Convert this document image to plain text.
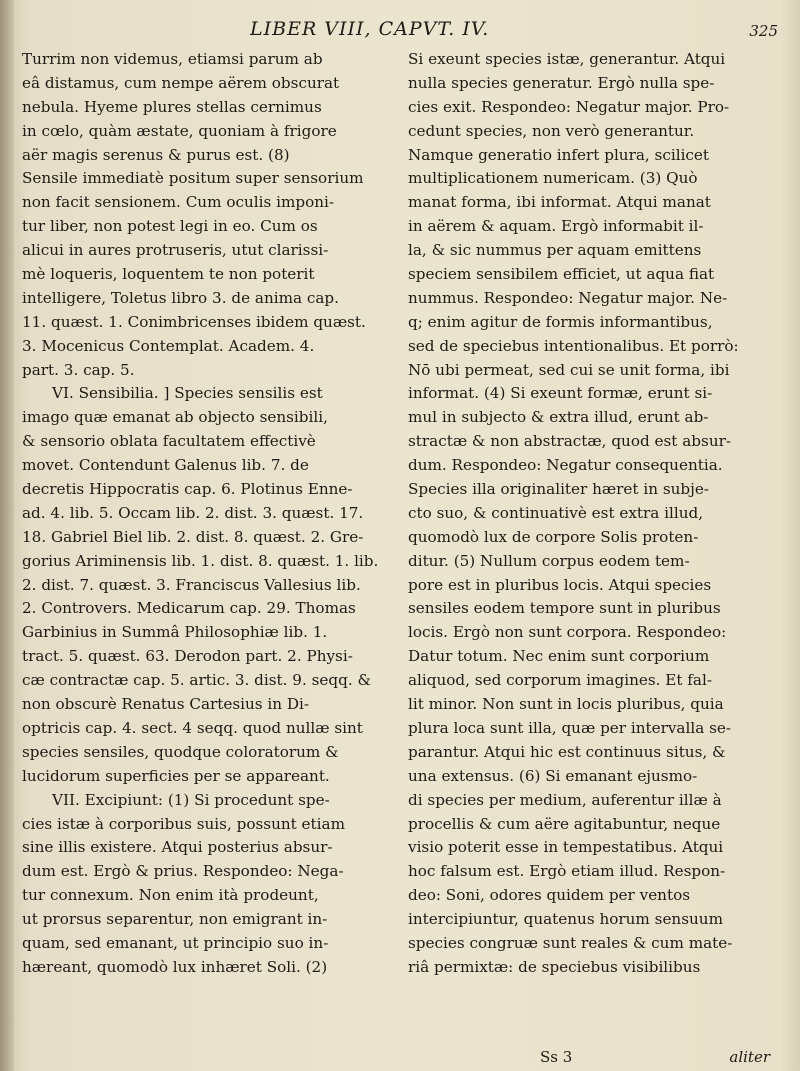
LIBER VIII, CAPVT. IV.	325
Turrim non videmus, etiamsi parum ab
eâ distamus, cum nempe aërem obscurat
nebula. Hyeme plures stellas cernimus
in cœlo, quàm æstate, quoniam à frigore
aër magis serenus & purus est. (8)
Sensile immediatè positum super sensorium
non facit sensionem. Cum oculis imponi-
tur liber, non potest legi in eo. Cum os
alicui in aures protruseris, utut clarissi-
mè loqueris, loquentem te non poterit
intelligere, Toletus libro 3. de anima cap.
11. quæst. 1. Conimbricenses ibidem quæst.
3. Mocenicus Contemplat. Academ. 4.
part. 3. cap. 5.
VI. Sensibilia. ] Species sensilis est
imago quæ emanat ab objecto sensibili,
& sensorio oblata facultatem effectivè
movet. Contendunt Galenus lib. 7. de
decretis Hippocratis cap. 6. Plotinus Enne-
ad. 4. lib. 5. Occam lib. 2. dist. 3. quæst. 17.
18. Gabriel Biel lib. 2. dist. 8. quæst. 2. Gre-
gorius Ariminensis lib. 1. dist. 8. quæst. 1. lib.
2. dist. 7. quæst. 3. Franciscus Vallesius lib.
2. Controvers. Medicarum cap. 29. Thomas
Garbinius in Summâ Philosophiæ lib. 1.
tract. 5. quæst. 63. Derodon part. 2. Physi-
cæ contractæ cap. 5. artic. 3. dist. 9. seqq. &
non obscurè Renatus Cartesius in Di-
optricis cap. 4. sect. 4 seqq. quod nullæ sint
species sensiles, quodque coloratorum &
lucidorum superficies per se appareant.
VII. Excipiunt: (1) Si procedunt spe-
cies istæ à corporibus suis, possunt etiam
sine illis existere. Atqui posterius absur-
dum est. Ergò & prius. Respondeo: Nega-
tur connexum. Non enim ità prodeunt,
ut prorsus separentur, non emigrant in-
quam, sed emanant, ut principio suo in-
hæreant, quomodò lux inhæret Soli. (2)
Si exeunt species istæ, generantur. Atqui
nulla species generatur. Ergò nulla spe-
cies exit. Respondeo: Negatur major. Pro-
cedunt species, non verò generantur.
Namque generatio infert plura, scilicet
multiplicationem numericam. (3) Quò
manat forma, ibi informat. Atqui manat
in aërem & aquam. Ergò informabit il-
la, & sic nummus per aquam emittens
speciem sensibilem efficiet, ut aqua fiat
nummus. Respondeo: Negatur major. Ne-
q; enim agitur de formis informantibus,
sed de speciebus intentionalibus. Et porrò:
Nō ubi permeat, sed cui se unit forma, ibi
informat. (4) Si exeunt formæ, erunt si-
mul in subjecto & extra illud, erunt ab-
stractæ & non abstractæ, quod est absur-
dum. Respondeo: Negatur consequentia.
Species illa originaliter hæret in subje-
cto suo, & continuativè est extra illud,
quomodò lux de corpore Solis proten-
ditur. (5) Nullum corpus eodem tem-
pore est in pluribus locis. Atqui species
sensiles eodem tempore sunt in pluribus
locis. Ergò non sunt corpora. Respondeo:
Datur totum. Nec enim sunt corporium
aliquod, sed corporum imagines. Et fal-
lit minor. Non sunt in locis pluribus, quia
plura loca sunt illa, quæ per intervalla se-
parantur. Atqui hic est continuus situs, &
una extensus. (6) Si emanant ejusmo-
di species per medium, auferentur illæ à
procellis & cum aëre agitabuntur, neque
visio poterit esse in tempestatibus. Atqui
hoc falsum est. Ergò etiam illud. Respon-
deo: Soni, odores quidem per ventos
intercipiuntur, quatenus horum sensuum
species congruæ sunt reales & cum mate-
riâ permixtæ: de speciebus visibilibus
Ss 3	aliter
